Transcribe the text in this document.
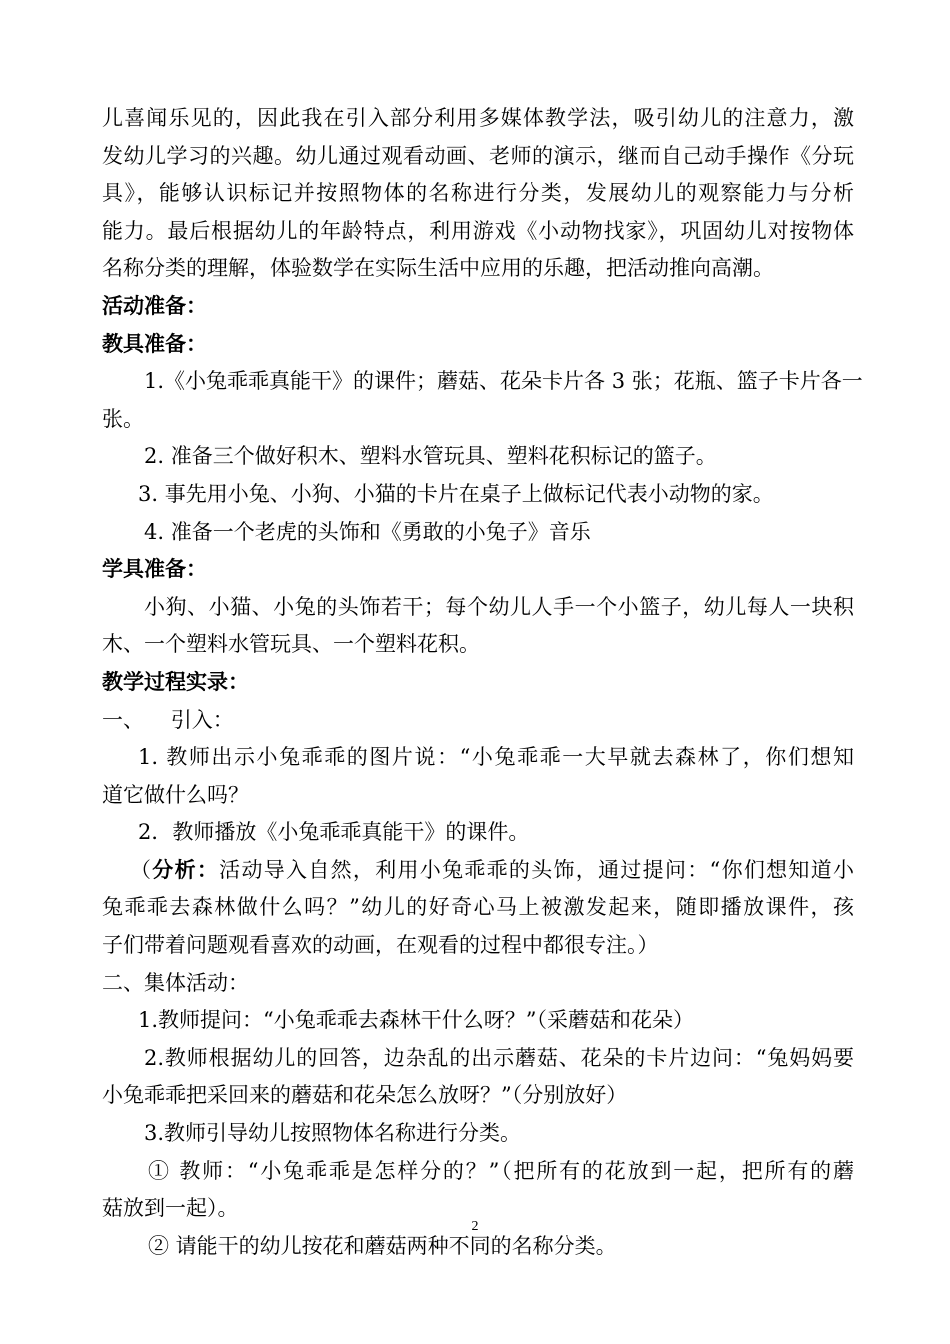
儿喜闻乐见的，因此我在引入部分利用多媒体教学法，吸引幼儿的注意力，激
发幼儿学习的兴趣。幼儿通过观看动画、老师的演示，继而自己动手操作《分玩
具》，能够认识标记并按照物体的名称进行分类，发展幼儿的观察能力与分析
能力。最后根据幼儿的年龄特点，利用游戏《小动物找家》，巩固幼儿对按物体
名称分类的理解，体验数学在实际生活中应用的乐趣，把活动推向高潮。
活动准备：
教具准备：
1.《小兔乖乖真能干》的课件；蘑菇、花朵卡片各 3 张；花瓶、篮子卡片各一
张。
2. 准备三个做好积木、塑料水管玩具、塑料花积标记的篮子。
3. 事先用小兔、小狗、小猫的卡片在桌子上做标记代表小动物的家。
4. 准备一个老虎的头饰和《勇敢的小兔子》音乐
学具准备：
小狗、小猫、小兔的头饰若干；每个幼儿人手一个小篮子，幼儿每人一块积
木、一个塑料水管玩具、一个塑料花积。
教学过程实录：
一、    引入：
1. 教师出示小兔乖乖的图片说：“小兔乖乖一大早就去森林了，你们想知
道它做什么吗？
2．教师播放《小兔乖乖真能干》的课件。
（分析：活动导入自然，利用小兔乖乖的头饰，通过提问：“你们想知道小
兔乖乖去森林做什么吗？”幼儿的好奇心马上被激发起来，随即播放课件，孩
子们带着问题观看喜欢的动画，在观看的过程中都很专注。）
二、集体活动：
1.教师提问：“小兔乖乖去森林干什么呀？”（采蘑菇和花朵）
2.教师根据幼儿的回答，边杂乱的出示蘑菇、花朵的卡片边问：“兔妈妈要
小兔乖乖把采回来的蘑菇和花朵怎么放呀？”（分别放好）
3.教师引导幼儿按照物体名称进行分类。
① 教师：“小兔乖乖是怎样分的？”（把所有的花放到一起，把所有的蘑
菇放到一起）。
② 请能干的幼儿按花和蘑菇两种不同的名称分类。
2
